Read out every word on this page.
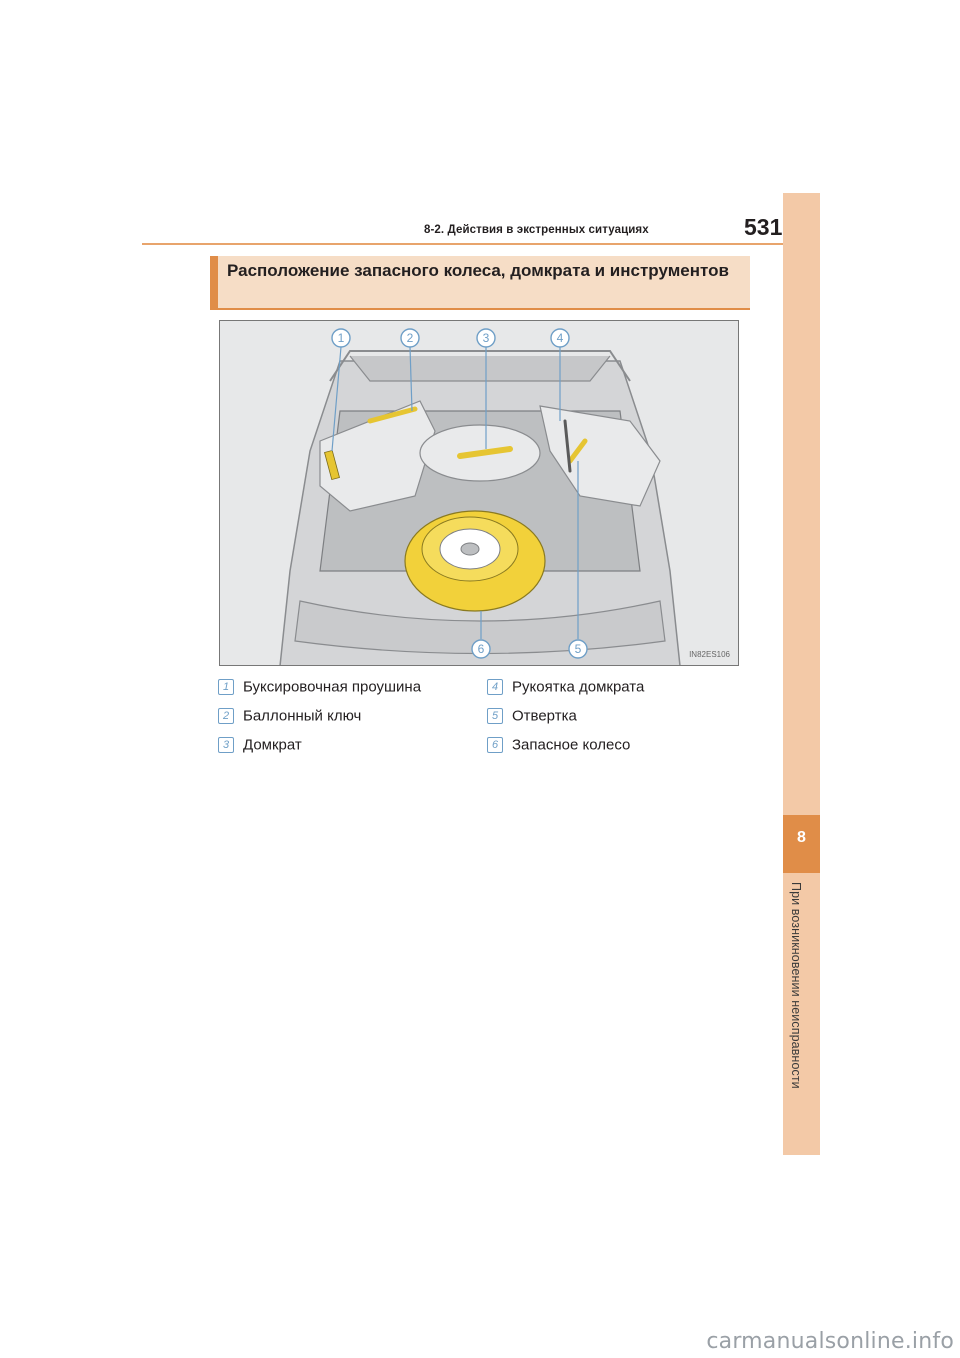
8-2. Действия в экстренных ситуациях	531
8
При возникновении неисправности
Расположение запасного колеса, домкрата и инструментов
1	2	3	4
5
6	IN82ES106
1 Буксировочная проушина
2 Баллонный ключ
3 Домкрат
4 Рукоятка домкрата
5 Отвертка
6 Запасное колесо
carmanualsonline.info
